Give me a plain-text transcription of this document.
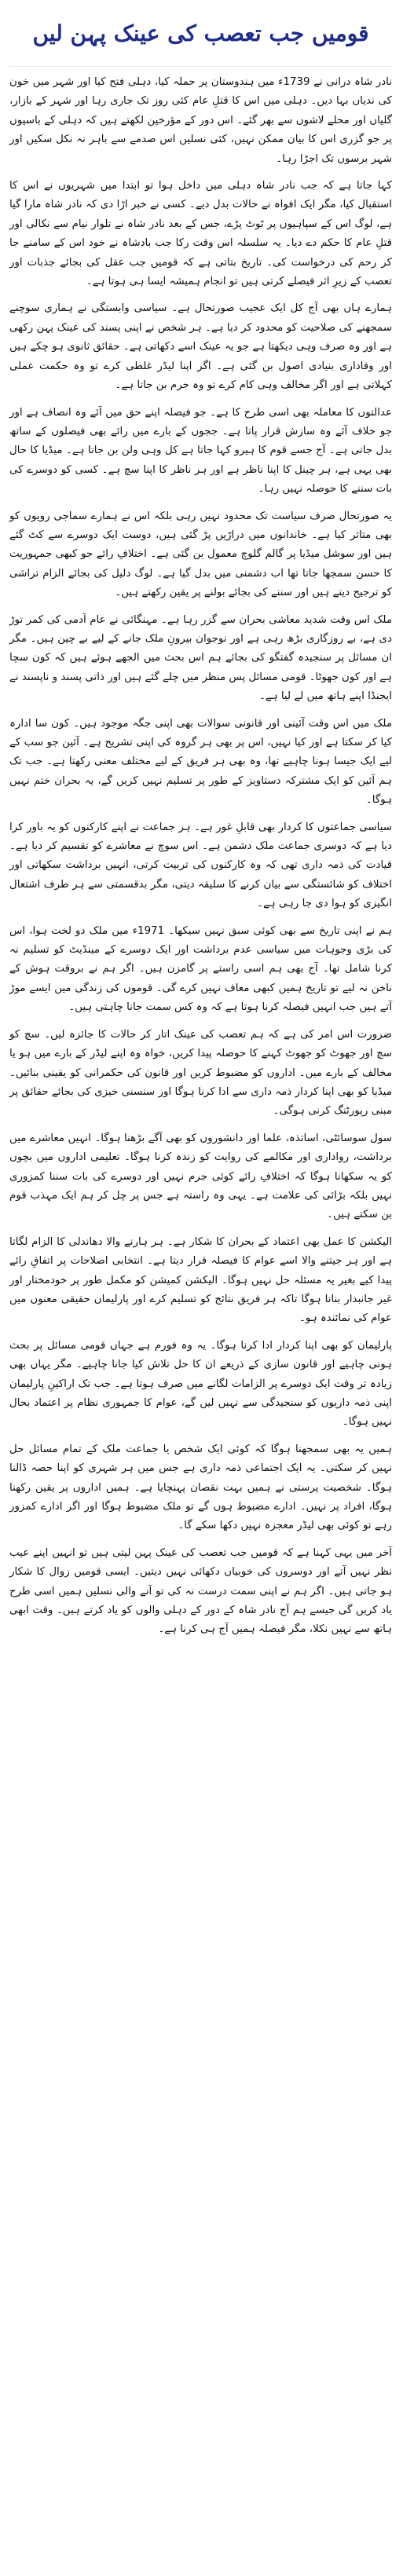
قومیں جب تعصب کی عینک پہن لیں

نادر شاہ درانی نے 1739ء میں ہندوستان پر حملہ کیا، دہلی فتح کیا اور شہر میں خون کی ندیاں بہا دیں۔ دہلی میں اس کا قتلِ عام کئی روز تک جاری رہا اور شہر کے بازار، گلیاں اور محلے لاشوں سے بھر گئے۔ اس دور کے مؤرخین لکھتے ہیں کہ دہلی کے باسیوں پر جو گزری اس کا بیان ممکن نہیں، کئی نسلیں اس صدمے سے باہر نہ نکل سکیں اور شہر برسوں تک اجڑا رہا۔

کہا جاتا ہے کہ جب نادر شاہ دہلی میں داخل ہوا تو ابتدا میں شہریوں نے اس کا استقبال کیا، مگر ایک افواہ نے حالات بدل دیے۔ کسی نے خبر اڑا دی کہ نادر شاہ مارا گیا ہے، لوگ اس کے سپاہیوں پر ٹوٹ پڑے، جس کے بعد نادر شاہ نے تلوار نیام سے نکالی اور قتلِ عام کا حکم دے دیا۔ یہ سلسلہ اس وقت رکا جب بادشاہ نے خود اس کے سامنے جا کر رحم کی درخواست کی۔ تاریخ بتاتی ہے کہ قومیں جب عقل کی بجائے جذبات اور تعصب کے زیرِ اثر فیصلے کرتی ہیں تو انجام ہمیشہ ایسا ہی ہوتا ہے۔

ہمارے ہاں بھی آج کل ایک عجیب صورتحال ہے۔ سیاسی وابستگی نے ہماری سوچنے سمجھنے کی صلاحیت کو محدود کر دیا ہے۔ ہر شخص نے اپنی پسند کی عینک پہن رکھی ہے اور وہ صرف وہی دیکھتا ہے جو یہ عینک اسے دکھاتی ہے۔ حقائق ثانوی ہو چکے ہیں اور وفاداری بنیادی اصول بن گئی ہے۔ اگر اپنا لیڈر غلطی کرے تو وہ حکمت عملی کہلاتی ہے اور اگر مخالف وہی کام کرے تو وہ جرم بن جاتا ہے۔

عدالتوں کا معاملہ بھی اسی طرح کا ہے۔ جو فیصلہ اپنے حق میں آئے وہ انصاف ہے اور جو خلاف آئے وہ سازش قرار پاتا ہے۔ ججوں کے بارے میں رائے بھی فیصلوں کے ساتھ بدل جاتی ہے۔ آج جسے قوم کا ہیرو کہا جاتا ہے کل وہی ولن بن جاتا ہے۔ میڈیا کا حال بھی یہی ہے، ہر چینل کا اپنا ناظر ہے اور ہر ناظر کا اپنا سچ ہے۔ کسی کو دوسرے کی بات سننے کا حوصلہ نہیں رہا۔

یہ صورتحال صرف سیاست تک محدود نہیں رہی بلکہ اس نے ہمارے سماجی رویوں کو بھی متاثر کیا ہے۔ خاندانوں میں دراڑیں پڑ گئی ہیں، دوست ایک دوسرے سے کٹ گئے ہیں اور سوشل میڈیا پر گالم گلوچ معمول بن گئی ہے۔ اختلافِ رائے جو کبھی جمہوریت کا حسن سمجھا جاتا تھا اب دشمنی میں بدل گیا ہے۔ لوگ دلیل کی بجائے الزام تراشی کو ترجیح دیتے ہیں اور سننے کی بجائے بولنے پر یقین رکھتے ہیں۔

ملک اس وقت شدید معاشی بحران سے گزر رہا ہے۔ مہنگائی نے عام آدمی کی کمر توڑ دی ہے، بے روزگاری بڑھ رہی ہے اور نوجوان بیرونِ ملک جانے کے لیے بے چین ہیں۔ مگر ان مسائل پر سنجیدہ گفتگو کی بجائے ہم اس بحث میں الجھے ہوئے ہیں کہ کون سچا ہے اور کون جھوٹا۔ قومی مسائل پس منظر میں چلے گئے ہیں اور ذاتی پسند و ناپسند نے ایجنڈا اپنے ہاتھ میں لے لیا ہے۔

ملک میں اس وقت آئینی اور قانونی سوالات بھی اپنی جگہ موجود ہیں۔ کون سا ادارہ کیا کر سکتا ہے اور کیا نہیں، اس پر بھی ہر گروہ کی اپنی تشریح ہے۔ آئین جو سب کے لیے ایک جیسا ہونا چاہیے تھا، وہ بھی ہر فریق کے لیے مختلف معنی رکھتا ہے۔ جب تک ہم آئین کو ایک مشترکہ دستاویز کے طور پر تسلیم نہیں کریں گے، یہ بحران ختم نہیں ہوگا۔

سیاسی جماعتوں کا کردار بھی قابلِ غور ہے۔ ہر جماعت نے اپنے کارکنوں کو یہ باور کرا دیا ہے کہ دوسری جماعت ملک دشمن ہے۔ اس سوچ نے معاشرے کو تقسیم کر دیا ہے۔ قیادت کی ذمہ داری تھی کہ وہ کارکنوں کی تربیت کرتی، انہیں برداشت سکھاتی اور اختلاف کو شائستگی سے بیان کرنے کا سلیقہ دیتی، مگر بدقسمتی سے ہر طرف اشتعال انگیزی کو ہوا دی جا رہی ہے۔

ہم نے اپنی تاریخ سے بھی کوئی سبق نہیں سیکھا۔ 1971ء میں ملک دو لخت ہوا، اس کی بڑی وجوہات میں سیاسی عدم برداشت اور ایک دوسرے کے مینڈیٹ کو تسلیم نہ کرنا شامل تھا۔ آج بھی ہم اسی راستے پر گامزن ہیں۔ اگر ہم نے بروقت ہوش کے ناخن نہ لیے تو تاریخ ہمیں کبھی معاف نہیں کرے گی۔ قوموں کی زندگی میں ایسے موڑ آتے ہیں جب انہیں فیصلہ کرنا ہوتا ہے کہ وہ کس سمت جانا چاہتی ہیں۔

ضرورت اس امر کی ہے کہ ہم تعصب کی عینک اتار کر حالات کا جائزہ لیں۔ سچ کو سچ اور جھوٹ کو جھوٹ کہنے کا حوصلہ پیدا کریں، خواہ وہ اپنے لیڈر کے بارے میں ہو یا مخالف کے بارے میں۔ اداروں کو مضبوط کریں اور قانون کی حکمرانی کو یقینی بنائیں۔ میڈیا کو بھی اپنا کردار ذمہ داری سے ادا کرنا ہوگا اور سنسنی خیزی کی بجائے حقائق پر مبنی رپورٹنگ کرنی ہوگی۔

سول سوسائٹی، اساتذہ، علما اور دانشوروں کو بھی آگے بڑھنا ہوگا۔ انہیں معاشرے میں برداشت، رواداری اور مکالمے کی روایت کو زندہ کرنا ہوگا۔ تعلیمی اداروں میں بچوں کو یہ سکھانا ہوگا کہ اختلافِ رائے کوئی جرم نہیں اور دوسرے کی بات سننا کمزوری نہیں بلکہ بڑائی کی علامت ہے۔ یہی وہ راستہ ہے جس پر چل کر ہم ایک مہذب قوم بن سکتے ہیں۔

الیکشن کا عمل بھی اعتماد کے بحران کا شکار ہے۔ ہر ہارنے والا دھاندلی کا الزام لگاتا ہے اور ہر جیتنے والا اسے عوام کا فیصلہ قرار دیتا ہے۔ انتخابی اصلاحات پر اتفاقِ رائے پیدا کیے بغیر یہ مسئلہ حل نہیں ہوگا۔ الیکشن کمیشن کو مکمل طور پر خودمختار اور غیر جانبدار بنانا ہوگا تاکہ ہر فریق نتائج کو تسلیم کرے اور پارلیمان حقیقی معنوں میں عوام کی نمائندہ ہو۔

پارلیمان کو بھی اپنا کردار ادا کرنا ہوگا۔ یہ وہ فورم ہے جہاں قومی مسائل پر بحث ہونی چاہیے اور قانون سازی کے ذریعے ان کا حل تلاش کیا جانا چاہیے۔ مگر یہاں بھی زیادہ تر وقت ایک دوسرے پر الزامات لگانے میں صرف ہوتا ہے۔ جب تک اراکینِ پارلیمان اپنی ذمہ داریوں کو سنجیدگی سے نہیں لیں گے، عوام کا جمہوری نظام پر اعتماد بحال نہیں ہوگا۔

ہمیں یہ بھی سمجھنا ہوگا کہ کوئی ایک شخص یا جماعت ملک کے تمام مسائل حل نہیں کر سکتی۔ یہ ایک اجتماعی ذمہ داری ہے جس میں ہر شہری کو اپنا حصہ ڈالنا ہوگا۔ شخصیت پرستی نے ہمیں بہت نقصان پہنچایا ہے۔ ہمیں اداروں پر یقین رکھنا ہوگا، افراد پر نہیں۔ ادارے مضبوط ہوں گے تو ملک مضبوط ہوگا اور اگر ادارے کمزور رہے تو کوئی بھی لیڈر معجزہ نہیں دکھا سکے گا۔

آخر میں یہی کہنا ہے کہ قومیں جب تعصب کی عینک پہن لیتی ہیں تو انہیں اپنے عیب نظر نہیں آتے اور دوسروں کی خوبیاں دکھائی نہیں دیتیں۔ ایسی قومیں زوال کا شکار ہو جاتی ہیں۔ اگر ہم نے اپنی سمت درست نہ کی تو آنے والی نسلیں ہمیں اسی طرح یاد کریں گی جیسے ہم آج نادر شاہ کے دور کے دہلی والوں کو یاد کرتے ہیں۔ وقت ابھی ہاتھ سے نہیں نکلا، مگر فیصلہ ہمیں آج ہی کرنا ہے۔
